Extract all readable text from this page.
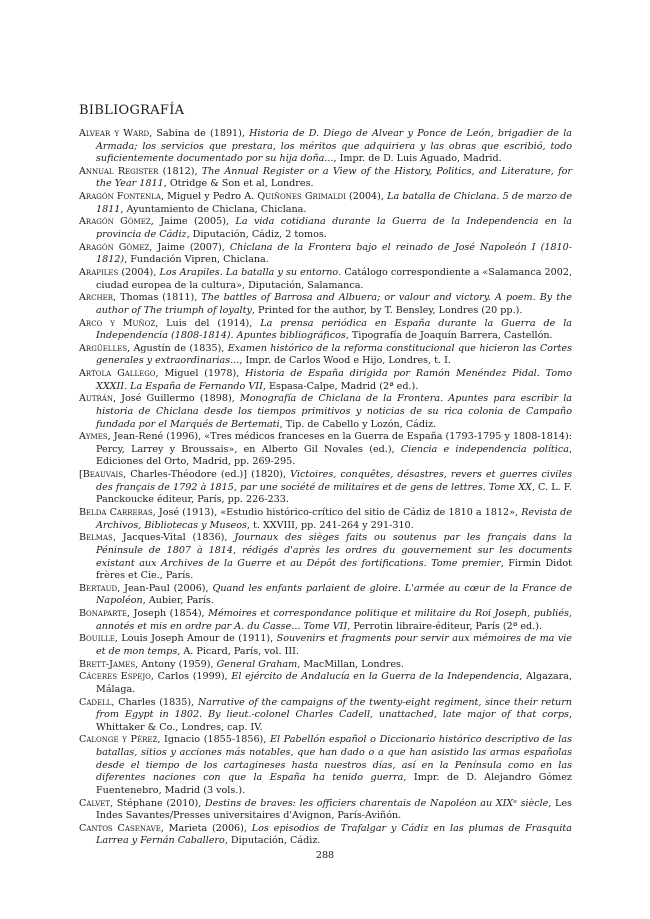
BIBLIOGRAFÍA
Alvear y Ward, Sabina de (1891), Historia de D. Diego de Alvear y Ponce de León, brigadier de la Armada; los servicios que prestara, los méritos que adquiriera y las obras que escribió, todo suficientemente documentado por su hija doña..., Impr. de D. Luis Aguado, Madrid.
Annual Register (1812), The Annual Register or a View of the History, Politics, and Literature, for the Year 1811, Otridge & Son et al, Londres.
Aragón Fontenla, Miguel y Pedro A. Quiñones Grimaldi (2004), La batalla de Chiclana. 5 de marzo de 1811, Ayuntamiento de Chiclana, Chiclana.
Aragón Gómez, Jaime (2005), La vida cotidiana durante la Guerra de la Independencia en la provincia de Cádiz, Diputación, Cádiz, 2 tomos.
Aragón Gómez, Jaime (2007), Chiclana de la Frontera bajo el reinado de José Napoleón I (1810-1812), Fundación Vipren, Chiclana.
Arapiles (2004), Los Arapiles. La batalla y su entorno. Catálogo correspondiente a «Salamanca 2002, ciudad europea de la cultura», Diputación, Salamanca.
Archer, Thomas (1811), The battles of Barrosa and Albuera; or valour and victory. A poem. By the author of The triumph of loyalty, Printed for the author, by T. Bensley, Londres (20 pp.).
Arco y Muñoz, Luis del (1914), La prensa periódica en España durante la Guerra de la Independencia (1808-1814). Apuntes bibliográficos, Tipografía de Joaquín Barrera, Castellón.
Argüelles, Agustín de (1835), Examen histórico de la reforma constitucional que hicieron las Cortes generales y extraordinarias..., Impr. de Carlos Wood e Hijo, Londres, t. I.
Artola Gallego, Miguel (1978), Historia de España dirigida por Ramón Menéndez Pidal. Tomo XXXII. La España de Fernando VII, Espasa-Calpe, Madrid (2ª ed.).
Autrán, José Guillermo (1898), Monografía de Chiclana de la Frontera. Apuntes para escribir la historia de Chiclana desde los tiempos primitivos y noticias de su rica colonia de Campaño fundada por el Marqués de Bertemati, Tip. de Cabello y Lozón, Cádiz.
Aymes, Jean-René (1996), «Tres médicos franceses en la Guerra de España (1793-1795 y 1808-1814): Percy, Larrey y Broussais», en Alberto Gil Novales (ed.), Ciencia e independencia política, Ediciones del Orto, Madrid, pp. 269-295.
[Beauvais, Charles-Théodore (ed.)] (1820), Victoires, conquêtes, désastres, revers et guerres civiles des français de 1792 à 1815, par une société de militaires et de gens de lettres. Tome XX, C. L. F. Panckoucke éditeur, París, pp. 226-233.
Belda Carreras, José (1913), «Estudio histórico-crítico del sitio de Cádiz de 1810 a 1812», Revista de Archivos, Bibliotecas y Museos, t. XXVIII, pp. 241-264 y 291-310.
Belmas, Jacques-Vital (1836), Journaux des sièges faits ou soutenus par les français dans la Péninsule de 1807 à 1814, rédigés d'après les ordres du gouvernement sur les documents existant aux Archives de la Guerre et au Dépôt des fortifications. Tome premier, Firmin Didot frères et Cie., París.
Bertaud, Jean-Paul (2006), Quand les enfants parlaient de gloire. L'armée au cœur de la France de Napoléon, Aubier, París.
Bonaparte, Joseph (1854), Mémoires et correspondance politique et militaire du Roi Joseph, publiés, annotés et mis en ordre par A. du Casse... Tome VII, Perrotin libraire-éditeur, París (2ª ed.).
Bouille, Louis Joseph Amour de (1911), Souvenirs et fragments pour servir aux mémoires de ma vie et de mon temps, A. Picard, París, vol. III.
Brett-James, Antony (1959), General Graham, MacMillan, Londres.
Cáceres Espejo, Carlos (1999), El ejército de Andalucía en la Guerra de la Independencia, Algazara, Málaga.
Cadell, Charles (1835), Narrative of the campaigns of the twenty-eight regiment, since their return from Egypt in 1802. By lieut.-colonel Charles Cadell, unattached, late major of that corps, Whittaker & Co., Londres, cap. IV.
Calonge y Pérez, Ignacio (1855-1856), El Pabellón español o Diccionario histórico descriptivo de las batallas, sitios y acciones más notables, que han dado o a que han asistido las armas españolas desde el tiempo de los cartagineses hasta nuestros días, así en la Península como en las diferentes naciones con que la España ha tenido guerra, Impr. de D. Alejandro Gómez Fuentenebro, Madrid (3 vols.).
Calvet, Stéphane (2010), Destins de braves: les officiers charentais de Napoléon au XIXᵉ siècle, Les Indes Savantes/Presses universitaires d'Avignon, París-Aviñón.
Cantos Casenave, Marieta (2006), Los episodios de Trafalgar y Cádiz en las plumas de Frasquita Larrea y Fernán Caballero, Diputación, Cádiz.

288
